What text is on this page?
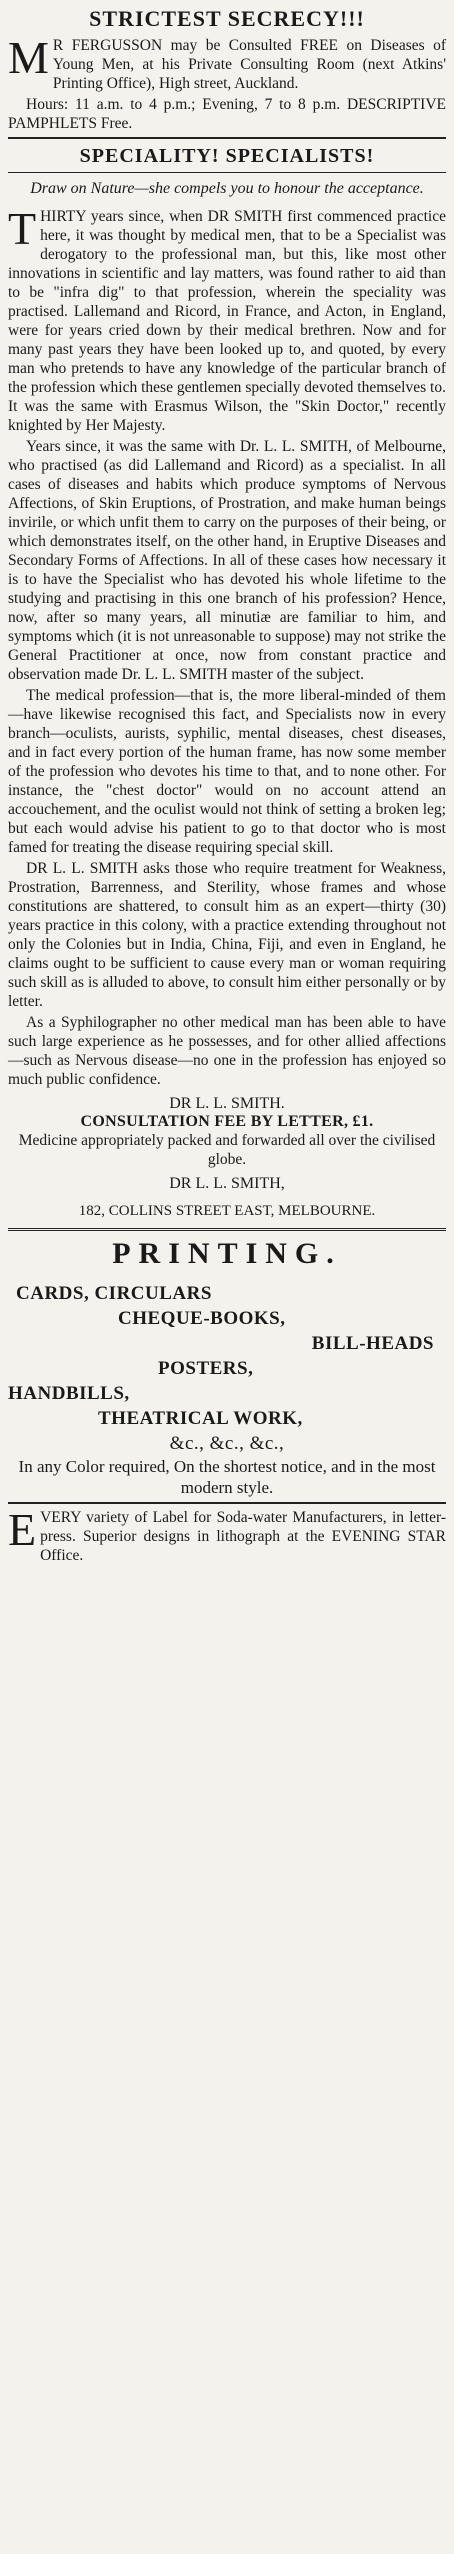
STRICTEST SECRECY!!!

M R FERGUSSON may be Consulted FREE on Diseases of Young Men, at his Private Consulting Room (next Atkins' Printing Office), High street, Auckland.

Hours: 11 a.m. to 4 p.m.; Evening, 7 to 8 p.m. DESCRIPTIVE PAMPHLETS Free.

SPECIALITY! SPECIALISTS!
Draw on Nature—she compels you to honour the acceptance.

T HIRTY years since, when DR SMITH first commenced practice here, it was thought by medical men, that to be a Specialist was derogatory to the professional man, but this, like most other innovations in scientific and lay matters, was found rather to aid than to be "infra dig" to that profession, wherein the speciality was practised. Lallemand and Ricord, in France, and Acton, in England, were for years cried down by their medical brethren. Now and for many past years they have been looked up to, and quoted, by every man who pretends to have any knowledge of the particular branch of the profession which these gentlemen specially devoted themselves to. It was the same with Erasmus Wilson, the "Skin Doctor," recently knighted by Her Majesty.

Years since, it was the same with Dr. L. L. SMITH, of Melbourne, who practised (as did Lallemand and Ricord) as a specialist. In all cases of diseases and habits which produce symptoms of Nervous Affections, of Skin Eruptions, of Prostration, and make human beings invirile, or which unfit them to carry on the purposes of their being, or which demonstrates itself, on the other hand, in Eruptive Diseases and Secondary Forms of Affections. In all of these cases how necessary it is to have the Specialist who has devoted his whole lifetime to the studying and practising in this one branch of his profession? Hence, now, after so many years, all minutiæ are familiar to him, and symptoms which (it is not unreasonable to suppose) may not strike the General Practitioner at once, now from constant practice and observation made Dr. L. L. SMITH master of the subject.

The medical profession—that is, the more liberal-minded of them—have likewise recognised this fact, and Specialists now in every branch—oculists, aurists, syphilic, mental diseases, chest diseases, and in fact every portion of the human frame, has now some member of the profession who devotes his time to that, and to none other. For instance, the "chest doctor" would on no account attend an accouchement, and the oculist would not think of setting a broken leg; but each would advise his patient to go to that doctor who is most famed for treating the disease requiring special skill.

DR L. L. SMITH asks those who require treatment for Weakness, Prostration, Barrenness, and Sterility, whose frames and whose constitutions are shattered, to consult him as an expert—thirty (30) years practice in this colony, with a practice extending throughout not only the Colonies but in India, China, Fiji, and even in England, he claims ought to be sufficient to cause every man or woman requiring such skill as is alluded to above, to consult him either personally or by letter.

As a Syphilographer no other medical man has been able to have such large experience as he possesses, and for other allied affections—such as Nervous disease—no one in the profession has enjoyed so much public confidence.

DR L. L. SMITH.
CONSULTATION FEE BY LETTER, £1.
Medicine appropriately packed and forwarded all over the civilised globe.
DR L. L. SMITH,
182, COLLINS STREET EAST, MELBOURNE.
PRINTING.
CARDS, CIRCULARS
CHEQUE-BOOKS,
BILL-HEADS
POSTERS,
HANDBILLS,
THEATRICAL WORK,
&c., &c., &c.,
In any Color required, On the shortest notice, and in the most modern style.

E VERY variety of Label for Soda-water Manufacturers, in letter-press. Superior designs in lithograph at the EVENING STAR Office.
